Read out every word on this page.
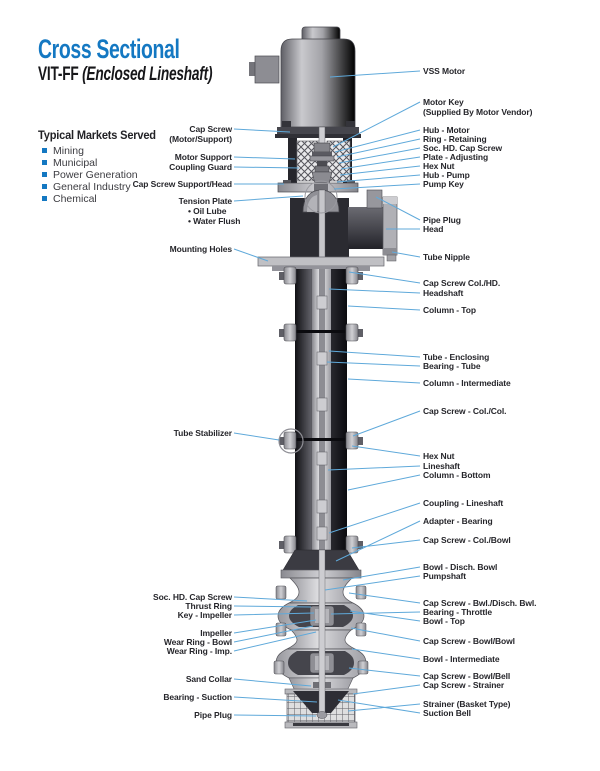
Cross Sectional
VIT-FF (Enclosed Lineshaft)
Typical Markets Served
Mining
Municipal
Power Generation
General Industry
Chemical
Cap Screw
(Motor/Support)
Motor Support
Coupling Guard
Cap Screw Support/Head
Tension Plate
• Oil Lube
• Water Flush
Mounting Holes
Tube Stabilizer
Soc. HD. Cap Screw
Thrust Ring
Key - Impeller
Impeller
Wear Ring - Bowl
Wear Ring - Imp.
Sand Collar
Bearing - Suction
Pipe Plug
VSS Motor
Motor Key
(Supplied By Motor Vendor)
Hub - Motor
Ring - Retaining
Soc. HD. Cap Screw
Plate - Adjusting
Hex Nut
Hub - Pump
Pump Key
Pipe Plug
Head
Tube Nipple
Cap Screw Col./HD.
Headshaft
Column - Top
Tube - Enclosing
Bearing - Tube
Column - Intermediate
Cap Screw - Col./Col.
Hex Nut
Lineshaft
Column - Bottom
Coupling - Lineshaft
Adapter - Bearing
Cap Screw - Col./Bowl
Bowl - Disch. Bowl
Pumpshaft
Cap Screw - Bwl./Disch. Bwl.
Bearing - Throttle
Bowl - Top
Cap Screw - Bowl/Bowl
Bowl - Intermediate
Cap Screw - Bowl/Bell
Cap Screw - Strainer
Strainer (Basket Type)
Suction Bell
